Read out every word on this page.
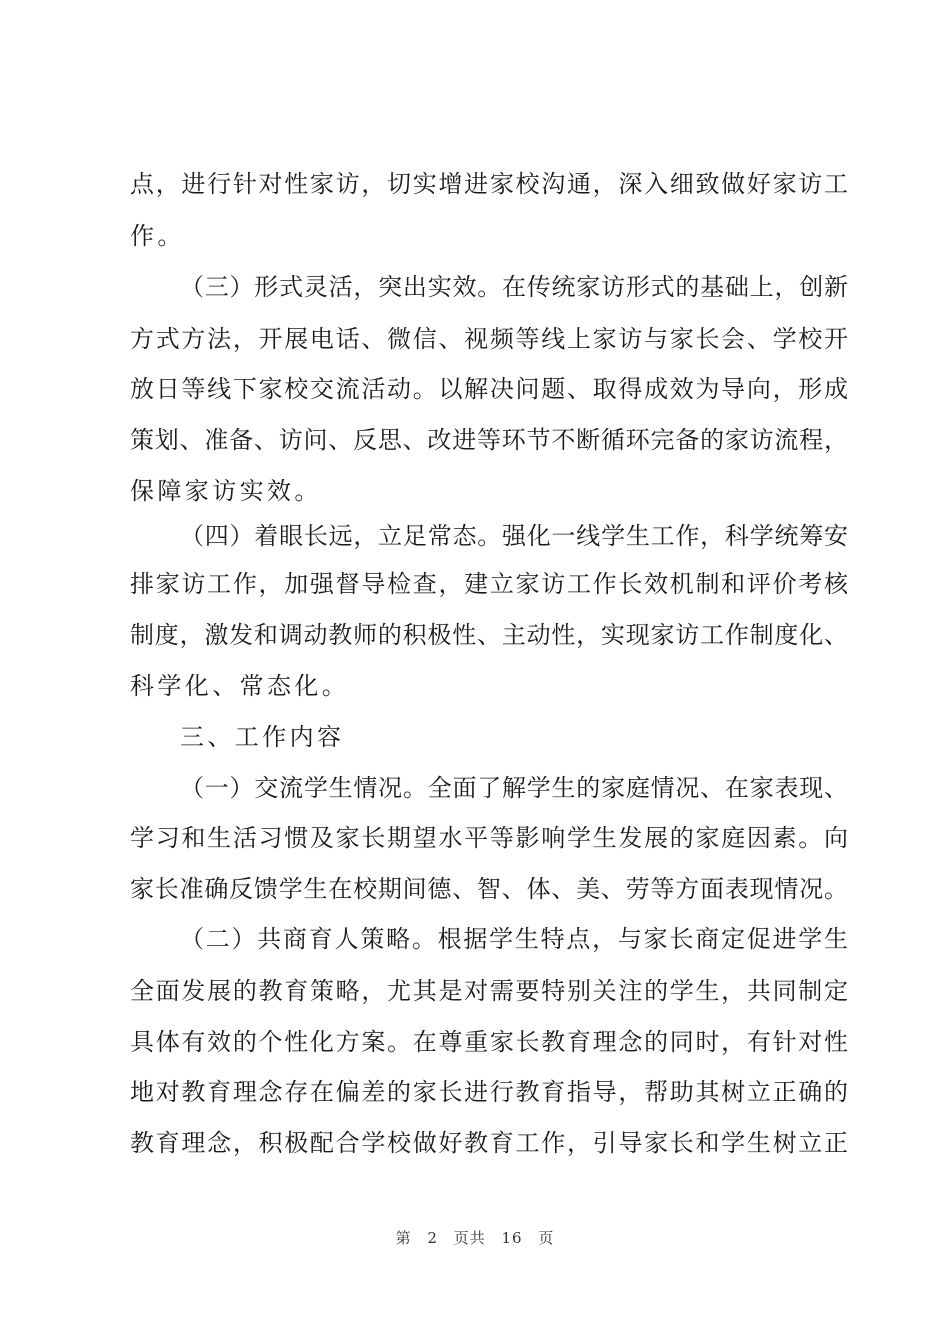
点，进行针对性家访，切实增进家校沟通，深入细致做好家访工
作。
（三）形式灵活，突出实效。在传统家访形式的基础上，创新
方式方法，开展电话、微信、视频等线上家访与家长会、学校开
放日等线下家校交流活动。以解决问题、取得成效为导向，形成
策划、准备、访问、反思、改进等环节不断循环完备的家访流程，
保障家访实效。
（四）着眼长远，立足常态。强化一线学生工作，科学统筹安
排家访工作，加强督导检查，建立家访工作长效机制和评价考核
制度，激发和调动教师的积极性、主动性，实现家访工作制度化、
科学化、常态化。
三、工作内容
（一）交流学生情况。全面了解学生的家庭情况、在家表现、
学习和生活习惯及家长期望水平等影响学生发展的家庭因素。向
家长准确反馈学生在校期间德、智、体、美、劳等方面表现情况。
（二）共商育人策略。根据学生特点，与家长商定促进学生
全面发展的教育策略，尤其是对需要特别关注的学生，共同制定
具体有效的个性化方案。在尊重家长教育理念的同时，有针对性
地对教育理念存在偏差的家长进行教育指导，帮助其树立正确的
教育理念，积极配合学校做好教育工作，引导家长和学生树立正
第 2 页共 16 页
